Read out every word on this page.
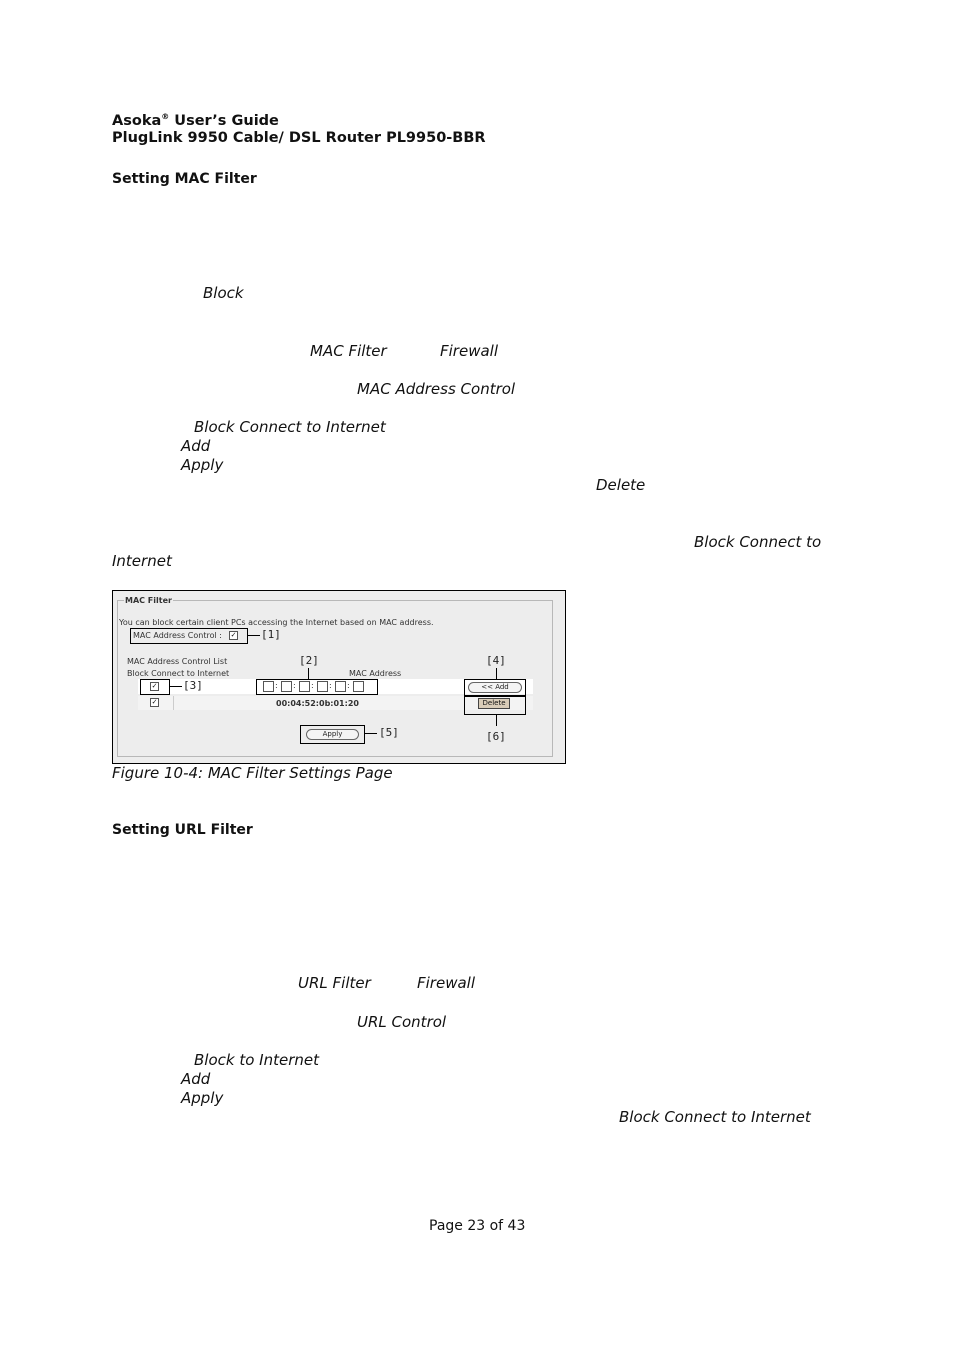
Asoka® User’s Guide
PlugLink 9950 Cable/ DSL Router PL9950-BBR
Setting MAC Filter
Block
MAC Filter	Firewall
MAC Address Control
Block Connect to Internet
Add
Apply
Delete
Block Connect to
Internet
MAC Filter
You can block certain client PCs accessing the Internet based on MAC address.
MAC Address Control : ✓ [1]
MAC Address Control List
Block Connect to Internet	MAC Address
[2]	[4]
✓ [3]	: : : : :	<< Add
✓	00:04:52:0b:01:20	Delete
[6]
Apply	[5]
Figure 10-4: MAC Filter Settings Page
Setting URL Filter
URL Filter	Firewall
URL Control
Block to Internet
Add
Apply
Block Connect to Internet
Page 23 of 43
